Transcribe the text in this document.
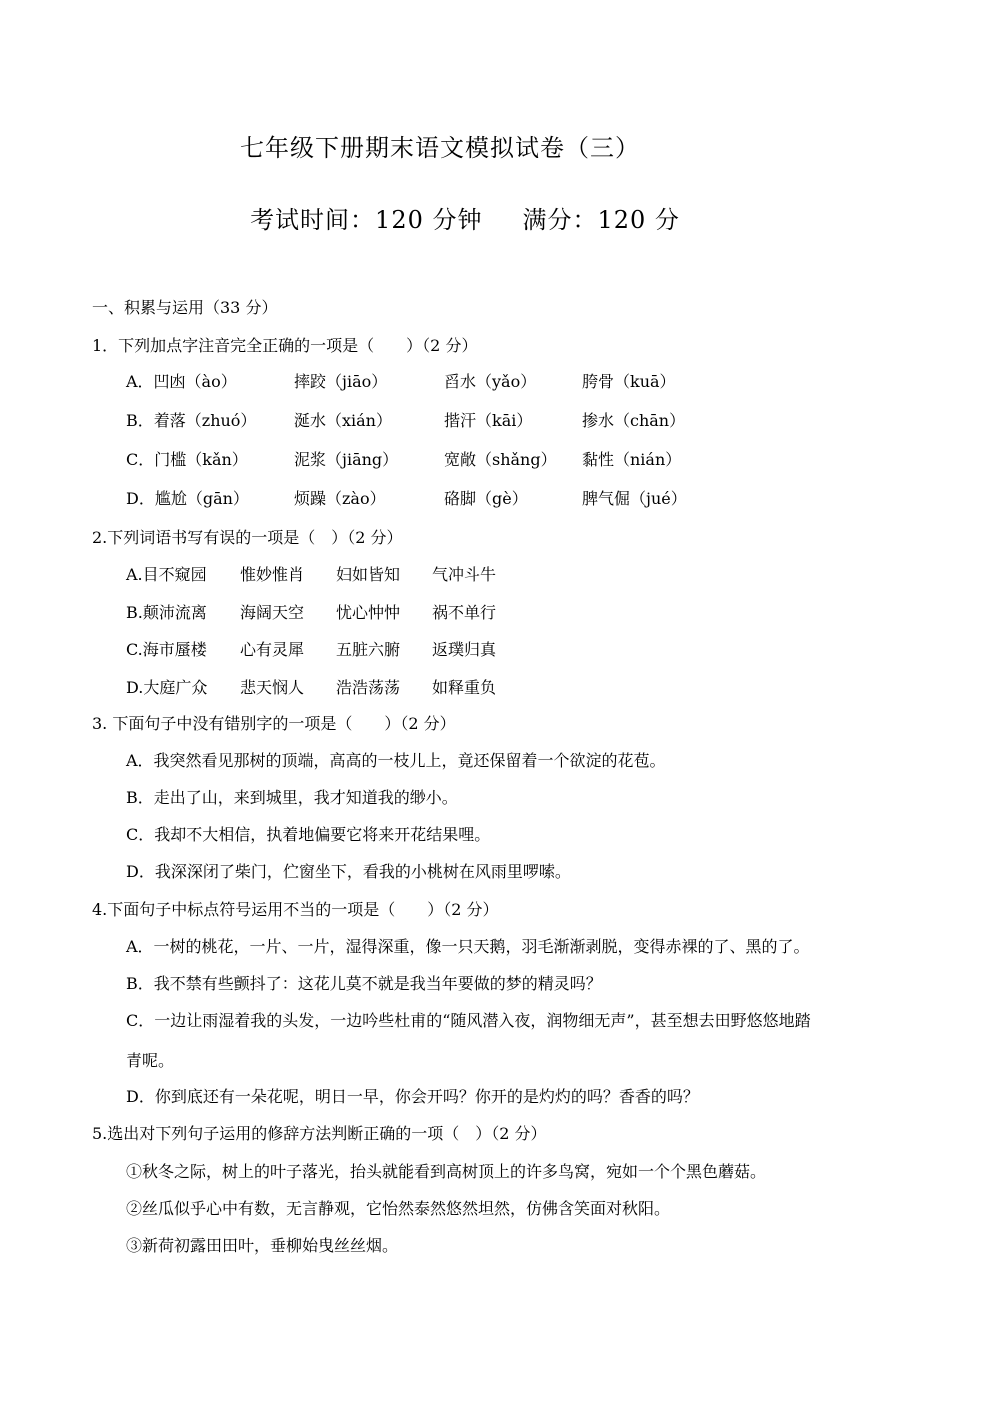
七年级下册期末语文模拟试卷（三）
考试时间：120 分钟 满分：120 分
一、积累与运用（33 分）
1．下列加点字注音完全正确的一项是（　　）（2 分）
A．凹凼（ào）	摔跤（jiāo）	舀水（yǎo）	胯骨（kuā）
B．着落（zhuó） 涎水（xián）	揩汗（kāi）	掺水（chān）
C．门槛（kǎn）	泥浆（jiāng）	宽敞（shǎng） 黏性（nián）
D．尴尬（gān）	烦躁（zào）	硌脚（gè）	脾气倔（jué）
2.下列词语书写有误的一项是（　）（2 分）
A.目不窥园 惟妙惟肖 妇如皆知 气冲斗牛
B.颠沛流离 海阔天空 忧心忡忡 祸不单行
C.海市蜃楼 心有灵犀 五脏六腑 返璞归真
D.大庭广众 悲天悯人 浩浩荡荡 如释重负
3. 下面句子中没有错别字的一项是（　　）（2 分）
A．我突然看见那树的顶端，高高的一枝儿上，竟还保留着一个欲淀的花苞。
B．走出了山，来到城里，我才知道我的缈小。
C．我却不大相信，执着地偏要它将来开花结果哩。
D．我深深闭了柴门，伫窗坐下，看我的小桃树在风雨里啰嗦。
4.下面句子中标点符号运用不当的一项是（　　）（2 分）
A．一树的桃花，一片、一片，湿得深重，像一只天鹅，羽毛渐渐剥脱，变得赤裸的了、黑的了。
B．我不禁有些颤抖了：这花儿莫不就是我当年要做的梦的精灵吗？
C．一边让雨湿着我的头发，一边吟些杜甫的“随风潜入夜，润物细无声”，甚至想去田野悠悠地踏
青呢。
D．你到底还有一朵花呢，明日一早，你会开吗？你开的是灼灼的吗？香香的吗？
5.选出对下列句子运用的修辞方法判断正确的一项（　）（2 分）
①秋冬之际，树上的叶子落光，抬头就能看到高树顶上的许多鸟窝，宛如一个个黑色蘑菇。
②丝瓜似乎心中有数，无言静观，它怡然泰然悠然坦然，仿佛含笑面对秋阳。
③新荷初露田田叶，垂柳始曳丝丝烟。
